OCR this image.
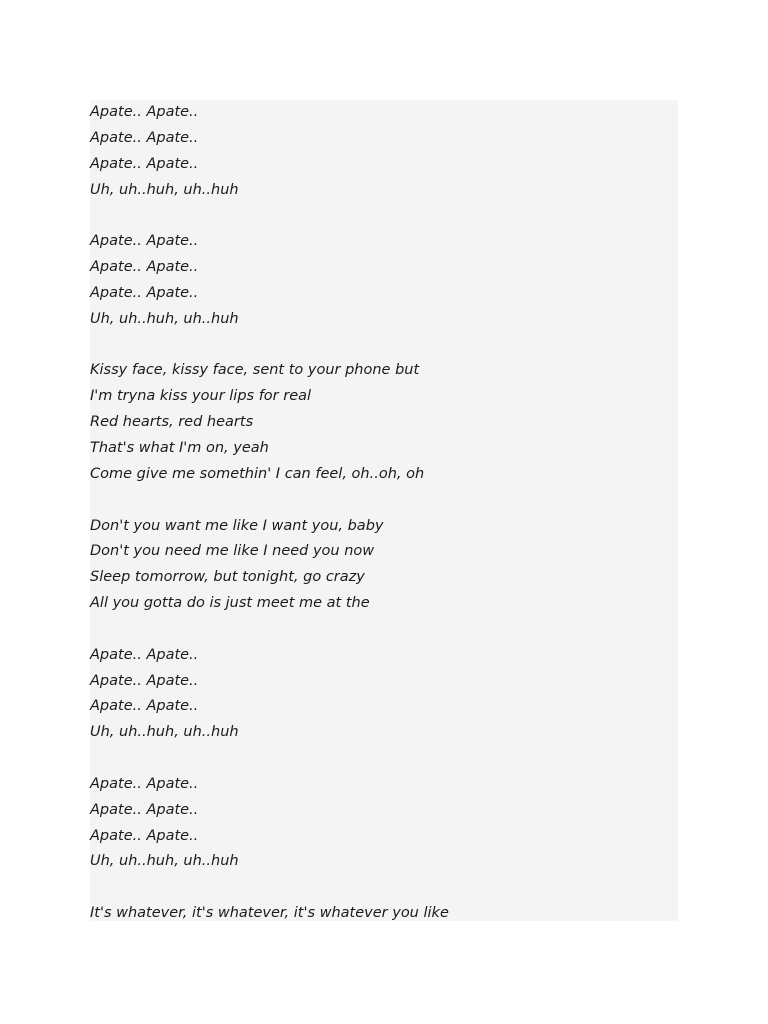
Apate.. Apate..

Apate.. Apate..

Apate.. Apate..

Uh, uh..huh, uh..huh

Apate.. Apate..

Apate.. Apate..

Apate.. Apate..

Uh, uh..huh, uh..huh

Kissy face, kissy face, sent to your phone but

I'm tryna kiss your lips for real

Red hearts, red hearts

That's what I'm on, yeah

Come give me somethin' I can feel, oh..oh, oh

Don't you want me like I want you, baby

Don't you need me like I need you now

Sleep tomorrow, but tonight, go crazy

All you gotta do is just meet me at the

Apate.. Apate..

Apate.. Apate..

Apate.. Apate..

Uh, uh..huh, uh..huh

Apate.. Apate..

Apate.. Apate..

Apate.. Apate..

Uh, uh..huh, uh..huh

It's whatever, it's whatever, it's whatever you like
